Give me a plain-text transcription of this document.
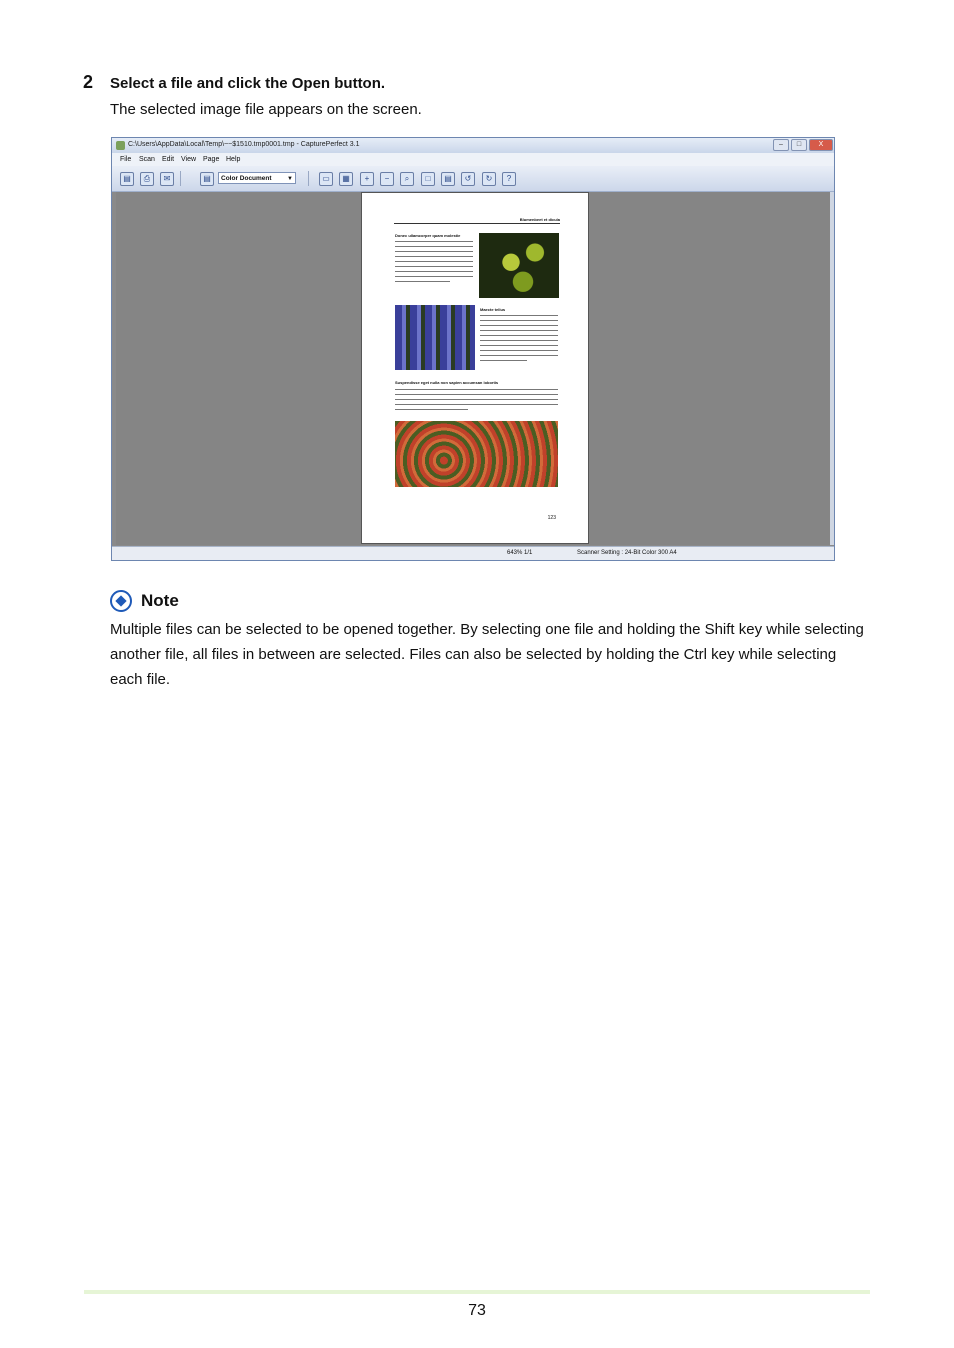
2 Select a file and click the Open button.
The selected image file appears on the screen.
C:\Users\AppData\Local\Temp\~~$1510.tmp0001.tmp - CapturePerfect 3.1	–	□	X
File Scan Edit View Page Help
▤	⎙	✉	▤	Color Document	▼	▭	▦	+	−	⌕	□	▤	↺	↻	?
Blumenbeet et dicula
Donec ullamcorper quam molestie
Maecte tellus
Suspendisse eget nulla non sapien accumsan lobortis
123
643% 1/1	Scanner Setting : 24-Bit Color 300 A4
Note
Multiple files can be selected to be opened together. By selecting one file and holding the Shift key while selecting another file, all files in between are selected. Files can also be selected by holding the Ctrl key while selecting each file.
73
